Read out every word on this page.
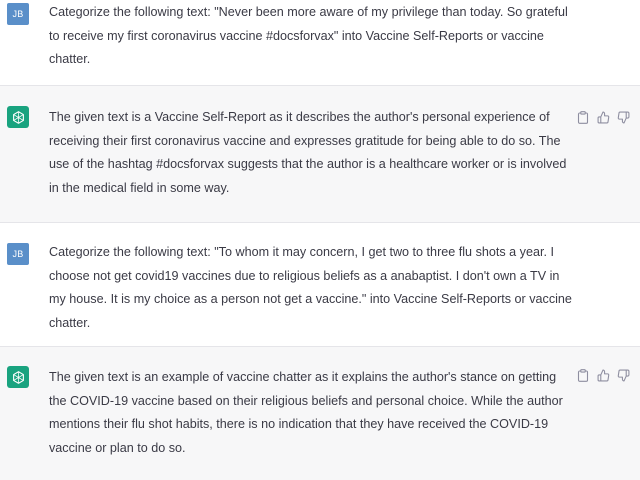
JB Categorize the following text: "Never been more aware of my privilege than today. So grateful to receive my first coronavirus vaccine #docsforvax" into Vaccine Self-Reports or vaccine chatter.
The given text is a Vaccine Self-Report as it describes the author's personal experience of receiving their first coronavirus vaccine and expresses gratitude for being able to do so. The use of the hashtag #docsforvax suggests that the author is a healthcare worker or is involved in the medical field in some way.
JB Categorize the following text: "To whom it may concern, I get two to three flu shots a year. I choose not get covid19 vaccines due to religious beliefs as a anabaptist. I don't own a TV in my house. It is my choice as a person not get a vaccine." into Vaccine Self-Reports or vaccine chatter.
The given text is an example of vaccine chatter as it explains the author's stance on getting the COVID-19 vaccine based on their religious beliefs and personal choice. While the author mentions their flu shot habits, there is no indication that they have received the COVID-19 vaccine or plan to do so.
